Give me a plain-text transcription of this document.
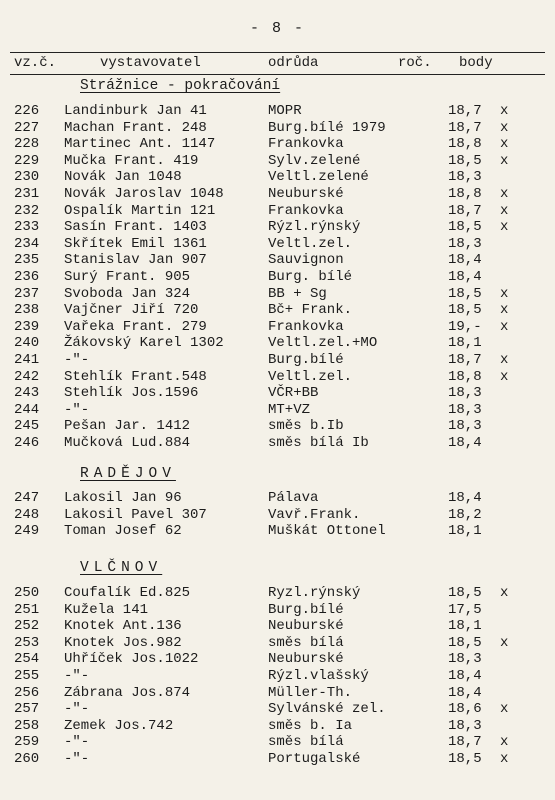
- 8 -
vz.č.	vystavovatel	odrůda	roč. body
Strážnice - pokračování
226 Landinburk Jan 41	MOPR	18,7 x
227 Machan Frant. 248	Burg.bílé 1979	18,7 x
228 Martinec Ant. 1147	Frankovka	18,8 x
229 Mučka Frant. 419	Sylv.zelené	18,5 x
230 Novák Jan 1048	Veltl.zelené	18,3
231 Novák Jaroslav 1048	Neuburské	18,8 x
232 Ospalík Martin 121	Frankovka	18,7 x
233 Sasín Frant. 1403	Rýzl.rýnský	18,5 x
234 Skřítek Emil 1361	Veltl.zel.	18,3
235 Stanislav Jan 907	Sauvignon	18,4
236 Surý Frant. 905	Burg. bílé	18,4
237 Svoboda Jan 324	BB + Sg	18,5 x
238 Vajčner Jiří 720	Bč+ Frank.	18,5 x
239 Vařeka Frant. 279	Frankovka	19,- x
240 Žákovský Karel 1302	Veltl.zel.+MO	18,1
241 -"-	Burg.bílé	18,7 x
242 Stehlík Frant.548	Veltl.zel.	18,8 x
243 Stehlík Jos.1596	VČR+BB	18,3
244 -"-	MT+VZ	18,3
245 Pešan Jar. 1412	směs b.Ib	18,3
246 Mučková Lud.884	směs bílá Ib	18,4
RADĚJOV
247 Lakosil Jan 96	Pálava	18,4
248 Lakosil Pavel 307	Vavř.Frank.	18,2
249 Toman Josef 62	Muškát Ottonel	18,1
VLČNOV
250 Coufalík Ed.825	Ryzl.rýnský	18,5 x
251 Kužela 141	Burg.bílé	17,5
252 Knotek Ant.136	Neuburské	18,1
253 Knotek Jos.982	směs bílá	18,5 x
254 Uhříček Jos.1022	Neuburské	18,3
255 -"-	Rýzl.vlašský	18,4
256 Zábrana Jos.874	Müller-Th.	18,4
257 -"-	Sylvánské zel.	18,6 x
258 Zemek Jos.742	směs b. Ia	18,3
259 -"-	směs bílá	18,7 x
260 -"-	Portugalské	18,5 x
